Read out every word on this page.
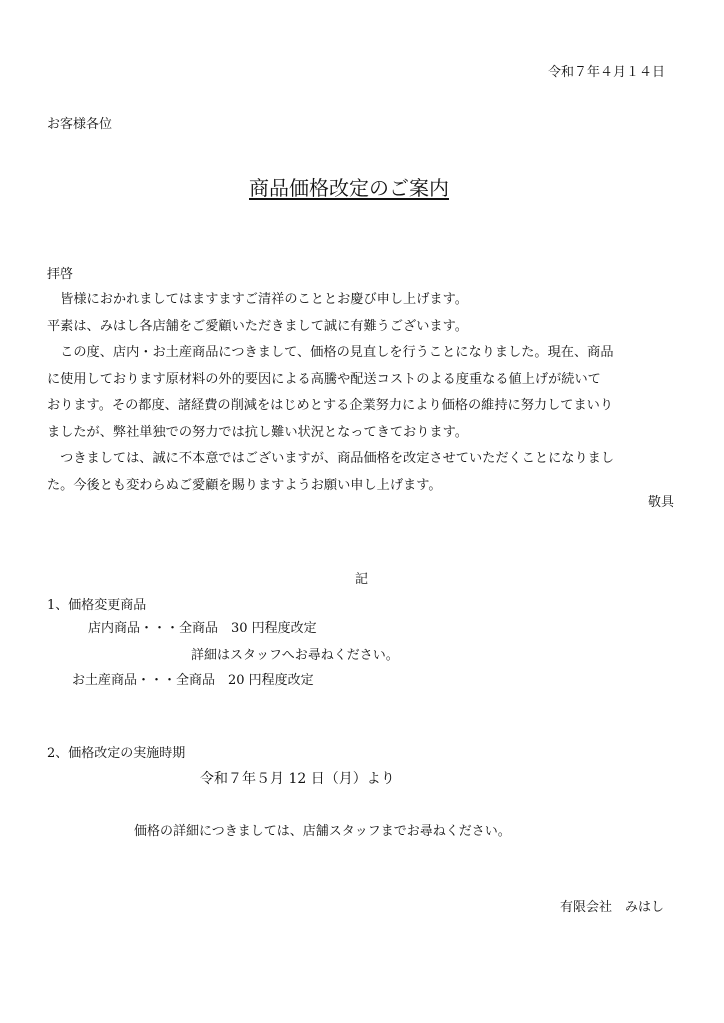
令和７年４月１４日
お客様各位
商品価格改定のご案内
拝啓
　皆様におかれましてはますますご清祥のこととお慶び申し上げます。
平素は、みはし各店舗をご愛顧いただきまして誠に有難うございます。
　この度、店内・お土産商品につきまして、価格の見直しを行うことになりました。現在、商品
に使用しております原材料の外的要因による高騰や配送コストのよる度重なる値上げが続いて
おります。その都度、諸経費の削減をはじめとする企業努力により価格の維持に努力してまいり
ましたが、弊社単独での努力では抗し難い状況となってきております。
　つきましては、誠に不本意ではございますが、商品価格を改定させていただくことになりまし
た。今後とも変わらぬご愛顧を賜りますようお願い申し上げます。
敬具
記
1、価格変更商品
店内商品・・・全商品　30 円程度改定
詳細はスタッフへお尋ねください。
お土産商品・・・全商品　20 円程度改定
2、価格改定の実施時期
令和７年５月 12 日（月）より
価格の詳細につきましては、店舗スタッフまでお尋ねください。
有限会社　みはし
